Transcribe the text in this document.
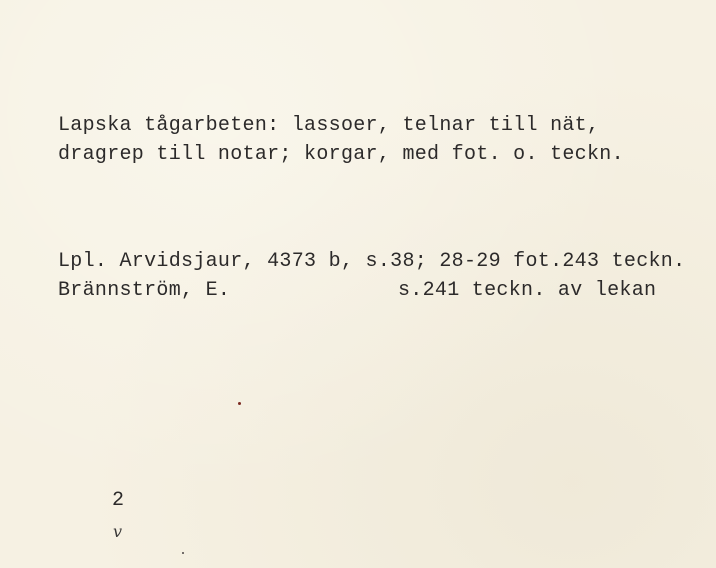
Lapska tågarbeten: lassoer, telnar till nät,
dragrep till notar; korgar, med fot. o. teckn.
Lpl. Arvidsjaur, 4373 b, s.38; 28-29 fot.243 teckn.
Brännström, E.	s.241 teckn. av lekan
2
v
